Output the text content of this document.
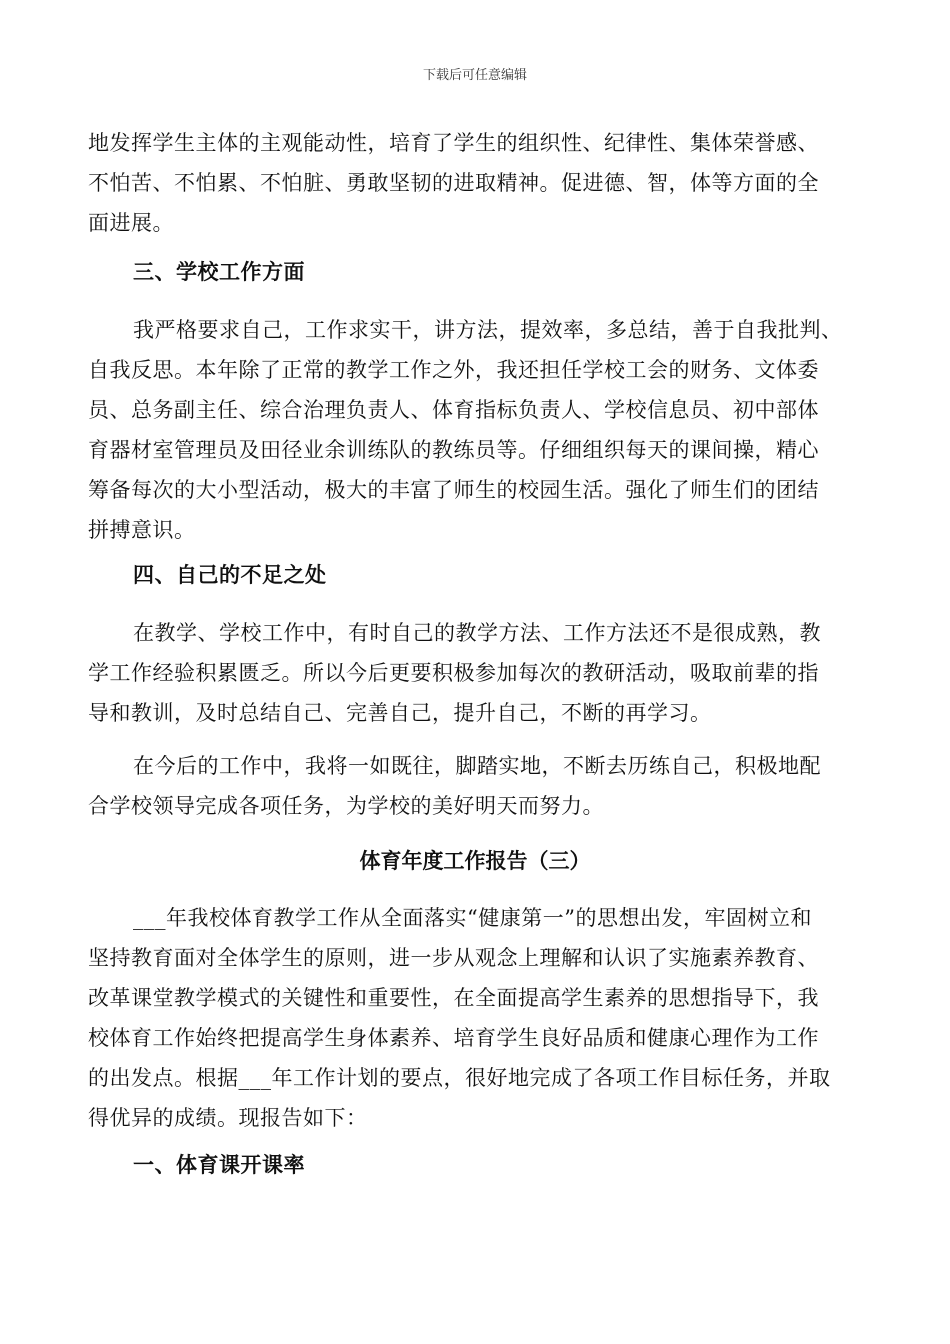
下载后可任意编辑
地发挥学生主体的主观能动性，培育了学生的组织性、纪律性、集体荣誉感、
不怕苦、不怕累、不怕脏、勇敢坚韧的进取精神。促进德、智，体等方面的全
面进展。
三、学校工作方面
我严格要求自己，工作求实干，讲方法，提效率，多总结，善于自我批判、
自我反思。本年除了正常的教学工作之外，我还担任学校工会的财务、文体委
员、总务副主任、综合治理负责人、体育指标负责人、学校信息员、初中部体
育器材室管理员及田径业余训练队的教练员等。仔细组织每天的课间操，精心
筹备每次的大小型活动，极大的丰富了师生的校园生活。强化了师生们的团结
拼搏意识。
四、自己的不足之处
在教学、学校工作中，有时自己的教学方法、工作方法还不是很成熟，教
学工作经验积累匮乏。所以今后更要积极参加每次的教研活动，吸取前辈的指
导和教训，及时总结自己、完善自己，提升自己，不断的再学习。
在今后的工作中，我将一如既往，脚踏实地，不断去历练自己，积极地配
合学校领导完成各项任务，为学校的美好明天而努力。
体育年度工作报告（三）
___年我校体育教学工作从全面落实“健康第一”的思想出发，牢固树立和
坚持教育面对全体学生的原则，进一步从观念上理解和认识了实施素养教育、
改革课堂教学模式的关键性和重要性，在全面提高学生素养的思想指导下，我
校体育工作始终把提高学生身体素养、培育学生良好品质和健康心理作为工作
的出发点。根据___年工作计划的要点，很好地完成了各项工作目标任务，并取
得优异的成绩。现报告如下：
一、体育课开课率
